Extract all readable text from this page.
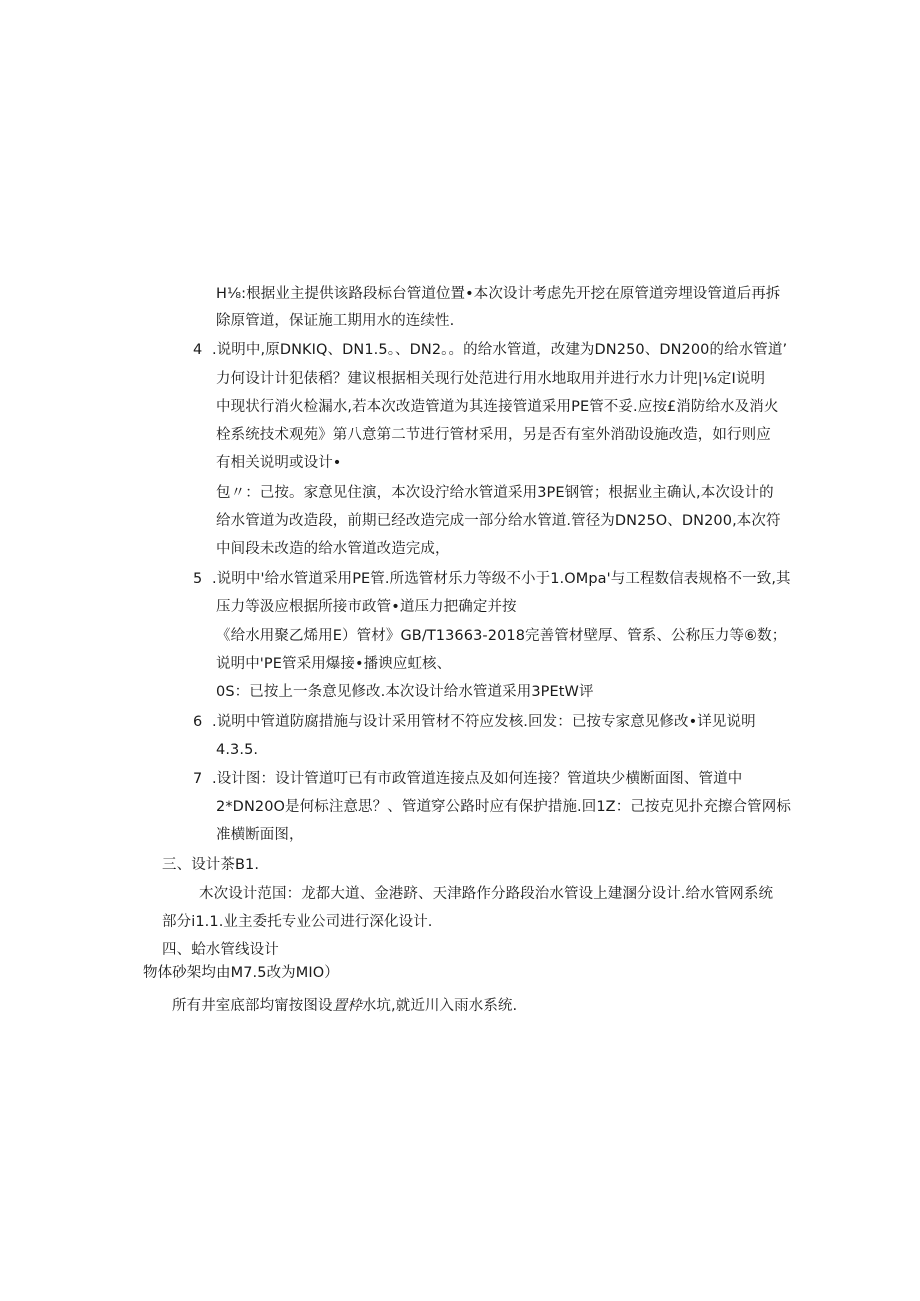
H⅛:根据业主提供该路段标台管道位置•本次设计考虑先开挖在原管道旁埋设管道后再拆
除原管道，保证施工期用水的连续性.
4 .说明中,原DNKIQ、DN1.5。、DN2。。的给水管道，改建为DN250、DN200的给水管道’
力何设计计犯俵稻？建议根据相关现行处范进行用水地取用并进行水力计兜|⅛定I说明
中现状行消火检漏水,若本次改造管道为其连接管道采用PE管不妥.应按£消防给水及消火
栓系统技术观苑》第八意第二节进行管材采用，另是否有室外消劭设施改造，如行则应
有相关说明或设计•
包〃：己按。家意见住演，本次设泞给水管道采用3PE钢管；根据业主确认,本次设计的
给水管道为改造段，前期已经改造完成一部分给水管道.管径为DN25O、DN200,本次符
中间段未改造的给水管道改造完成，
5 .说明中'给水管道采用PE管.所选管材乐力等级不小于1.OMpa'与工程数信表规格不一致,其
压力等汲应根据所接市政管•道压力把确定并按
《给水用聚乙烯用E）管材》GB/T13663-2018完善管材壁厚、管系、公称压力等⑥数；
说明中'PE管采用爆接•播谀应虹核、
0S：已按上一条意见修改.本次设计给水管道采用3PEtW评
6 .说明中管道防腐措施与设计采用管材不符应发核.回发：已按专家意见修改•详见说明
4.3.5.
7 .设计图：设计管道叮已有市政管道连接点及如何连接？管道块少横断面图、管道中
2*DN20O是何标注意思？、管道穿公路时应有保护措施.回1Z：己按克见扑充擦合管网标
准横断面图，
三、设计茶B1.
木次设计范国：龙都大道、金港跻、天津路作分路段治水管设上建溷分设计.给水管网系统
部分i1.1.业主委托专业公司进行深化设计.
四、蛤水管线设计
物体砂架均由M7.5改为MIO）
所有井室底部均甯按图设置枠水坑,就近川入雨水系统.
